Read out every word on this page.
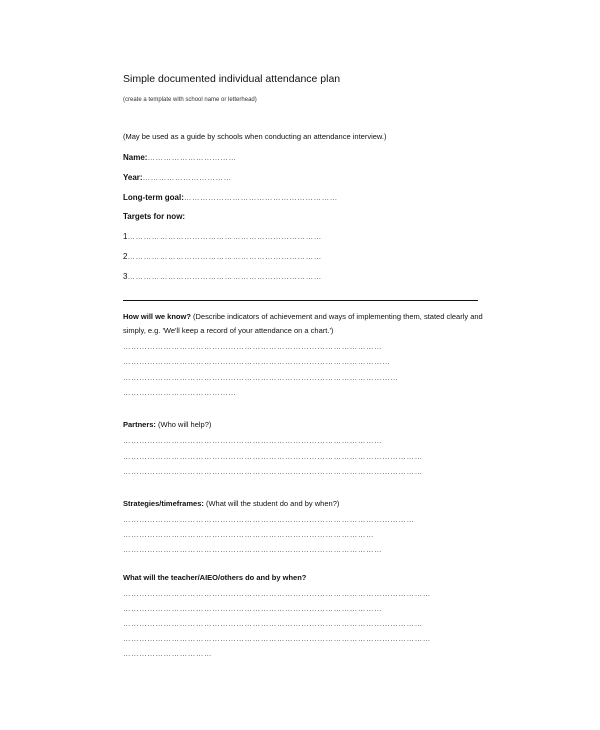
Simple documented individual attendance plan
(create a template with school name or letterhead)
(May be used as a guide by schools when conducting an attendance interview.)
Name:……………………………
Year:……………………………
Long-term goal:…………………………………………………
Targets for now:
1………………………………………………………………
2………………………………………………………………
3………………………………………………………………
How will we know? (Describe indicators of achievement and ways of implementing them, stated clearly and
simply, e.g. 'We'll keep a record of your attendance on a chart.')
……………………………………………………………………………………
………………………………………………………………………………………
…………………………………………………………………………………………
……………………………………
Partners: (Who will help?)
……………………………………………………………………………………
…………………………………………………………………………………………………
…………………………………………………………………………………………………
Strategies/timeframes: (What will the student do and by when?)
………………………………………………………………………………………………
…………………………………………………………………………………
……………………………………………………………………………………
What will the teacher/AIEO/others do and by when?
……………………………………………………………………………………………………
……………………………………………………………………………………
…………………………………………………………………………………………………
……………………………………………………………………………………………………
……………………………
